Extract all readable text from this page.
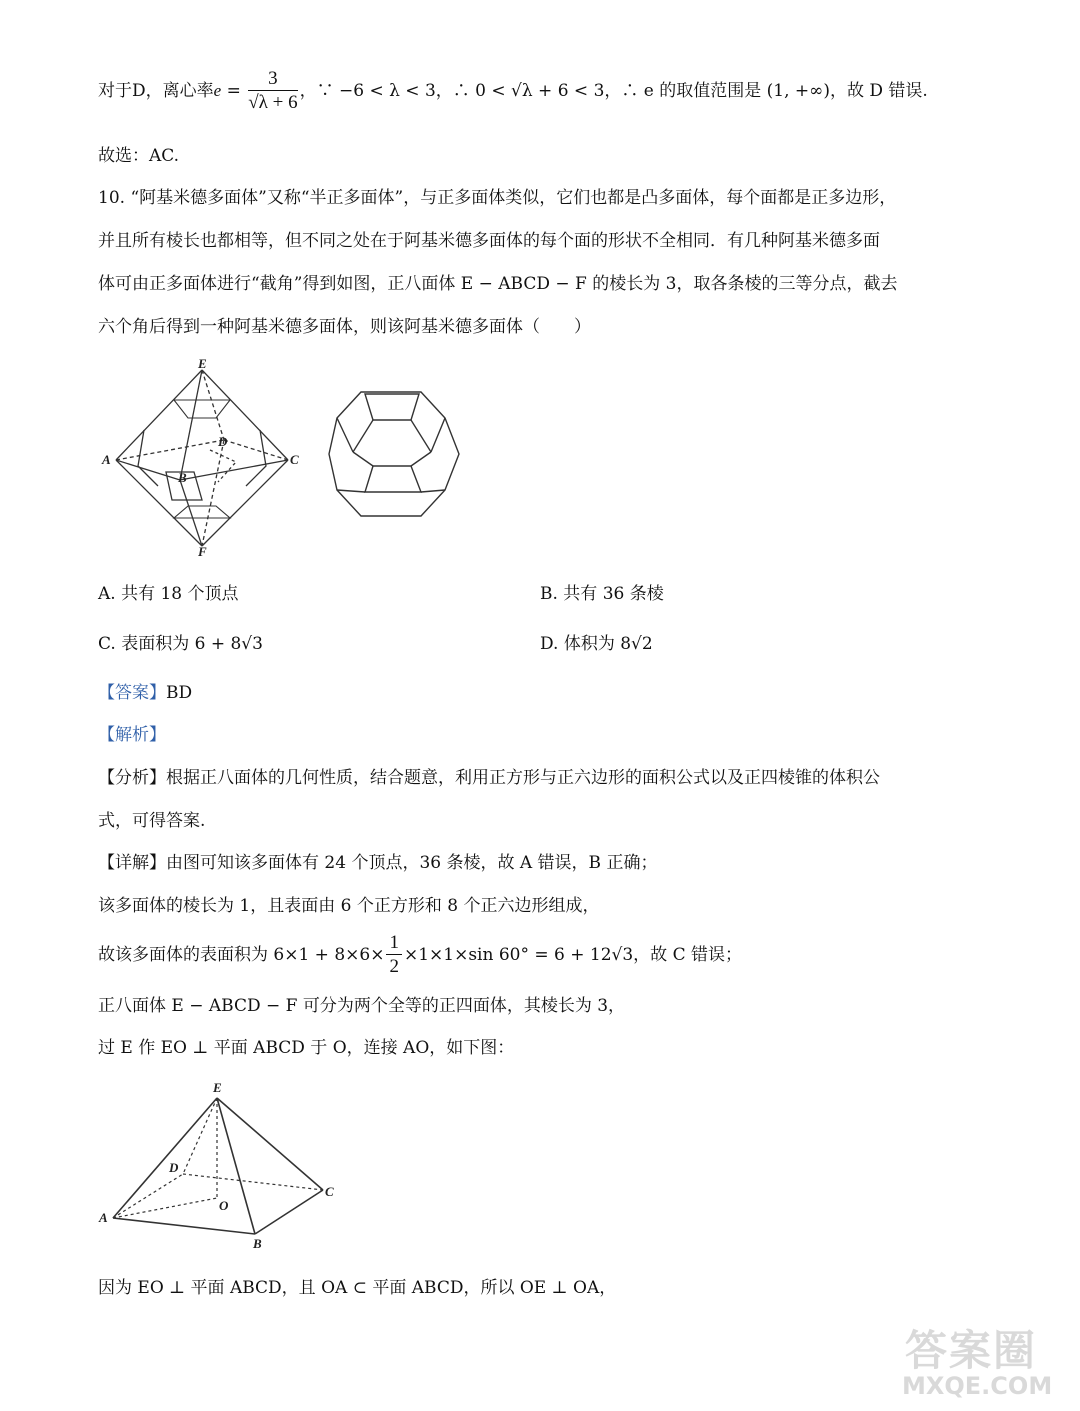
对于D，离心率$e = \frac{3}{√\lambda + 6}$ ，∵ −6 < λ < 3，∴ 0 < √λ + 6 < 3，∴ e 的取值范围是 (1, +∞)，故 D 错误.
故选：AC.
10. “阿基米德多面体”又称“半正多面体”，与正多面体类似，它们也都是凸多面体，每个面都是正多边形，
并且所有棱长也都相等，但不同之处在于阿基米德多面体的每个面的形状不全相同．有几种阿基米德多面
体可由正多面体进行“截角”得到如图，正八面体 E − ABCD − F 的棱长为 3，取各条棱的三等分点，截去
六个角后得到一种阿基米德多面体，则该阿基米德多面体（　　）
E
A
D
C
B
F
A. 共有 18 个顶点	B. 共有 36 条棱
C. 表面积为 6 + 8√3	D. 体积为 8√2
【答案】BD
【解析】
【分析】根据正八面体的几何性质，结合题意，利用正方形与正六边形的面积公式以及正四棱锥的体积公
式，可得答案.
【详解】由图可知该多面体有 24 个顶点，36 条棱，故 A 错误，B 正确；
该多面体的棱长为 1，且表面由 6 个正方形和 8 个正六边形组成，
故该多面体的表面积为 $6\times 1 + 8\times 6\times \frac{1}{2} \times 1\times 1\times\sin$ 60° = 6 + 12√3，故 C 错误；
正八面体 E − ABCD − F 可分为两个全等的正四面体，其棱长为 3，
过 E 作 EO ⊥ 平面 ABCD 于 O，连接 AO，如下图：
E
D
C
O
A
B
因为 EO ⊥ 平面 ABCD，且 OA ⊂ 平面 ABCD，所以 OE ⊥ OA，
答案圈
MXQE.COM
